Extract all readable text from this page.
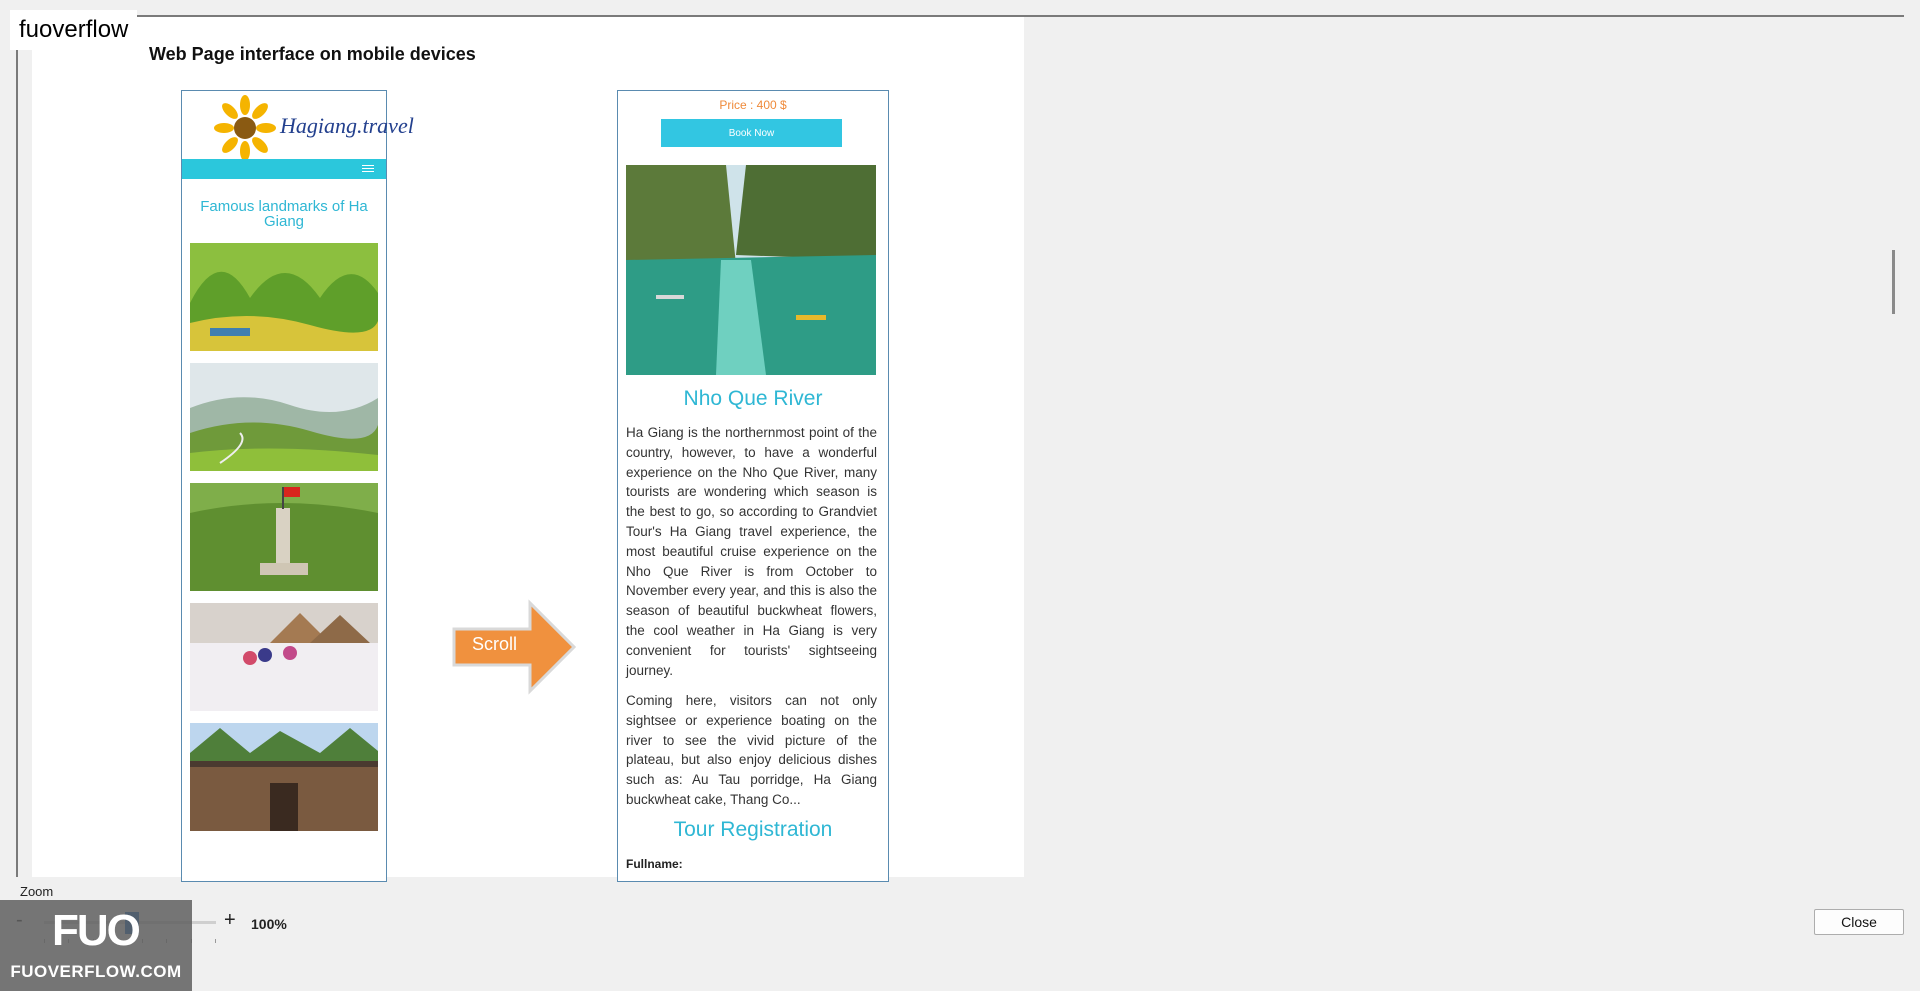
fuoverflow
Web Page interface on mobile devices
Hagiang.travel
Famous landmarks of Ha Giang
Scroll
Price : 400 $
Book Now
Nho Que River
Ha Giang is the northernmost point of the country, however, to have a wonderful experience on the Nho Que River, many tourists are wondering which season is the best to go, so according to Grandviet Tour's Ha Giang travel experience, the most beautiful cruise experience on the Nho Que River is from October to November every year, and this is also the season of beautiful buckwheat flowers, the cool weather in Ha Giang is very convenient for tourists' sightseeing journey.
Coming here, visitors can not only sightsee or experience boating on the river to see the vivid picture of the plateau, but also enjoy delicious dishes such as: Au Tau porridge, Ha Giang buckwheat cake, Thang Co...
Tour Registration
Fullname:
Zoom
+ 100%	Close
FUO
FUOVERFLOW.COM
